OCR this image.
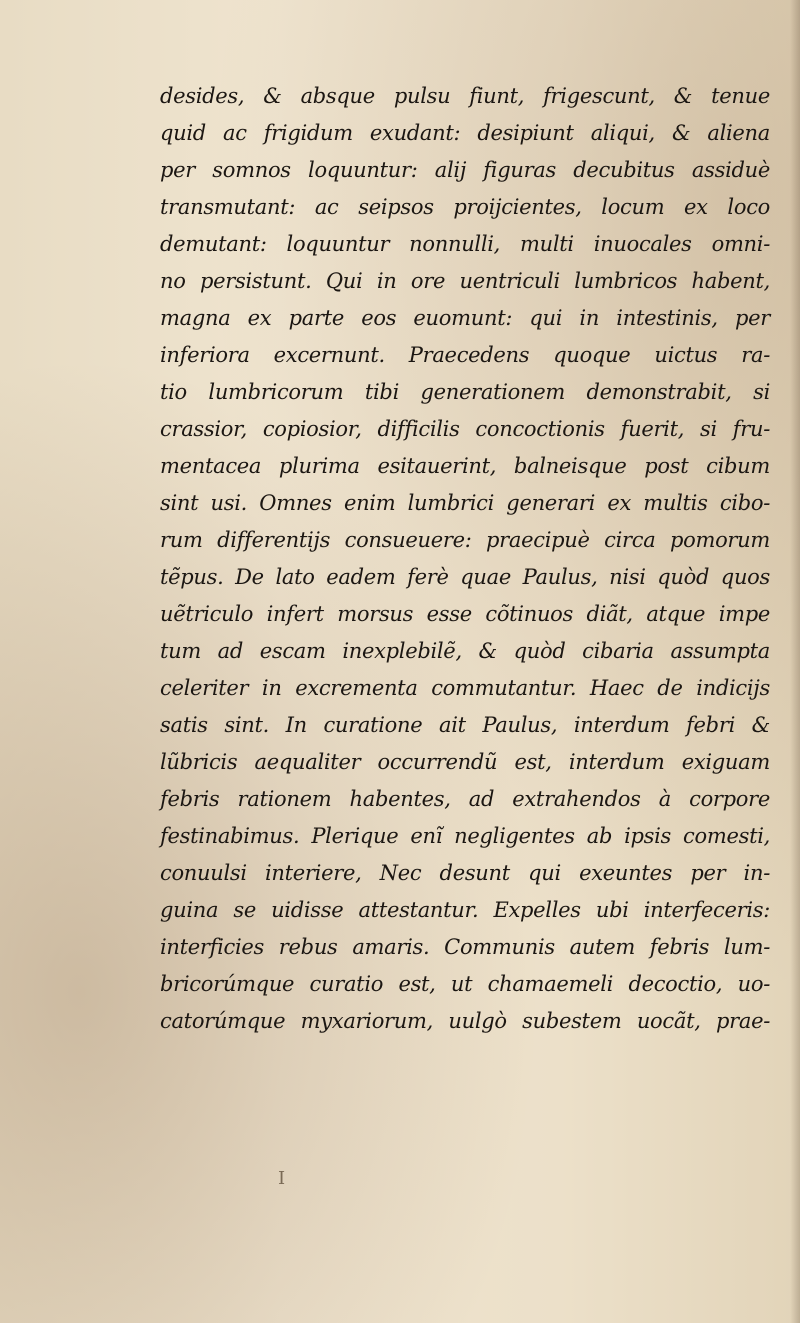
desides, & absque pulsu fiunt, frigescunt, & tenue
quid ac frigidum exudant: desipiunt aliqui, & aliena
per somnos loquuntur: alij figuras decubitus assiduè
transmutant: ac seipsos proijcientes, locum ex loco
demutant: loquuntur nonnulli, multi inuocales omni-
no persistunt. Qui in ore uentriculi lumbricos habent,
magna ex parte eos euomunt: qui in intestinis, per
inferiora excernunt. Praecedens quoque uictus ra-
tio lumbricorum tibi generationem demonstrabit, si
crassior, copiosior, difficilis concoctionis fuerit, si fru-
mentacea plurima esitauerint, balneisque post cibum
sint usi. Omnes enim lumbrici generari ex multis cibo-
rum differentijs consueuere: praecipuè circa pomorum
tẽpus. De lato eadem ferè quae Paulus, nisi quòd quos
uẽtriculo infert morsus esse cõtinuos diãt, atque impe
tum ad escam inexplebilẽ, & quòd cibaria assumpta
celeriter in excrementa commutantur. Haec de indicijs
satis sint. In curatione ait Paulus, interdum febri &
lũbricis aequaliter occurrendũ est, interdum exiguam
febris rationem habentes, ad extrahendos à corpore
festinabimus. Plerique enĩ negligentes ab ipsis comesti,
conuulsi interiere, Nec desunt qui exeuntes per in-
guina se uidisse attestantur. Expelles ubi interfeceris:
interficies rebus amaris. Communis autem febris lum-
bricorúmque curatio est, ut chamaemeli decoctio, uo-
catorúmque myxariorum, uulgò subestem uocãt, prae-
I
